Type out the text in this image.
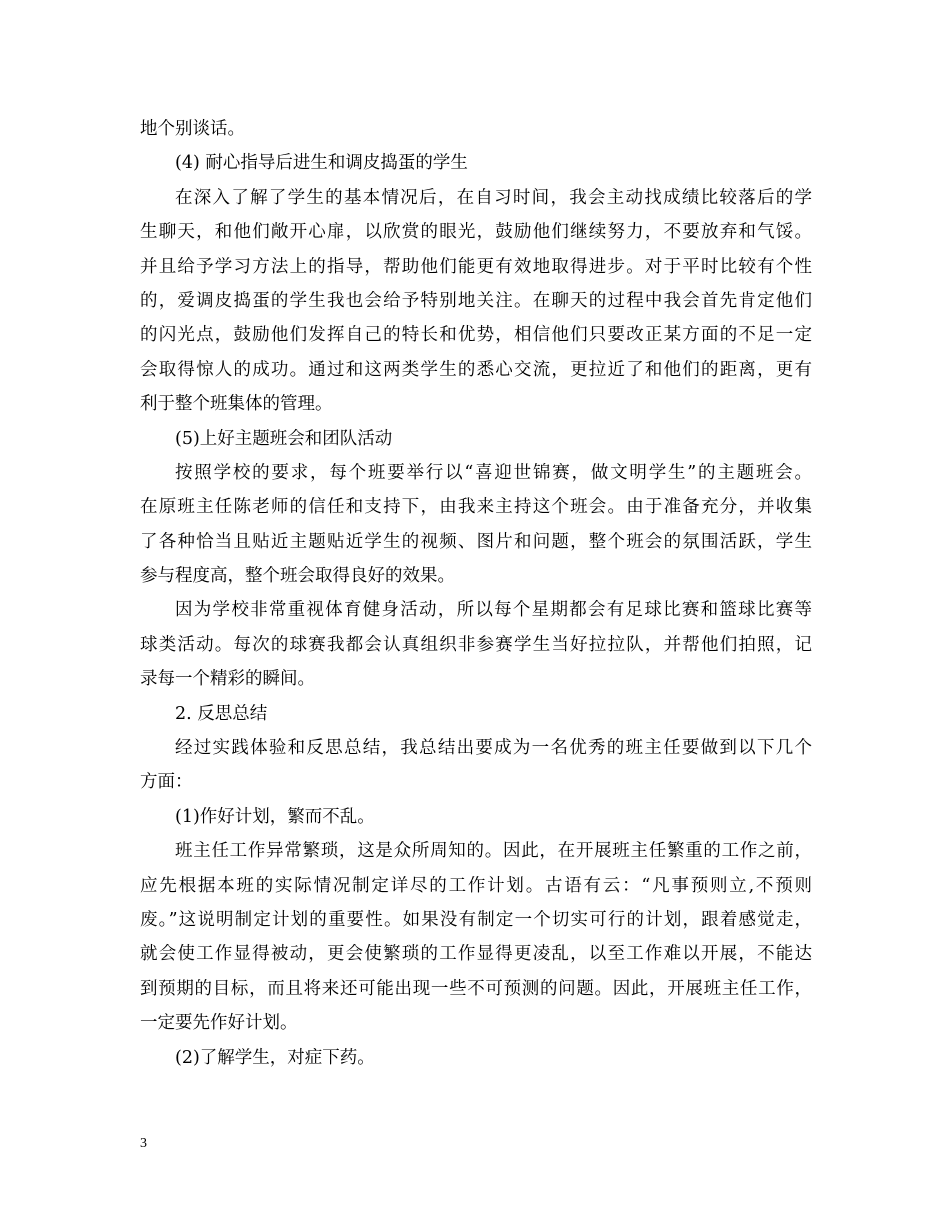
地个别谈话。
(4) 耐心指导后进生和调皮捣蛋的学生
在深入了解了学生的基本情况后，在自习时间，我会主动找成绩比较落后的学
生聊天，和他们敞开心扉，以欣赏的眼光，鼓励他们继续努力，不要放弃和气馁。
并且给予学习方法上的指导，帮助他们能更有效地取得进步。对于平时比较有个性
的，爱调皮捣蛋的学生我也会给予特别地关注。在聊天的过程中我会首先肯定他们
的闪光点，鼓励他们发挥自己的特长和优势，相信他们只要改正某方面的不足一定
会取得惊人的成功。通过和这两类学生的悉心交流，更拉近了和他们的距离，更有
利于整个班集体的管理。
(5)上好主题班会和团队活动
按照学校的要求，每个班要举行以“喜迎世锦赛，做文明学生”的主题班会。
在原班主任陈老师的信任和支持下，由我来主持这个班会。由于准备充分，并收集
了各种恰当且贴近主题贴近学生的视频、图片和问题，整个班会的氛围活跃，学生
参与程度高，整个班会取得良好的效果。
因为学校非常重视体育健身活动，所以每个星期都会有足球比赛和篮球比赛等
球类活动。每次的球赛我都会认真组织非参赛学生当好拉拉队，并帮他们拍照，记
录每一个精彩的瞬间。
2. 反思总结
经过实践体验和反思总结，我总结出要成为一名优秀的班主任要做到以下几个
方面：
(1)作好计划，繁而不乱。
班主任工作异常繁琐，这是众所周知的。因此，在开展班主任繁重的工作之前，
应先根据本班的实际情况制定详尽的工作计划。古语有云：“凡事预则立,不预则
废。”这说明制定计划的重要性。如果没有制定一个切实可行的计划，跟着感觉走，
就会使工作显得被动，更会使繁琐的工作显得更凌乱，以至工作难以开展，不能达
到预期的目标，而且将来还可能出现一些不可预测的问题。因此，开展班主任工作，
一定要先作好计划。
(2)了解学生，对症下药。
3
